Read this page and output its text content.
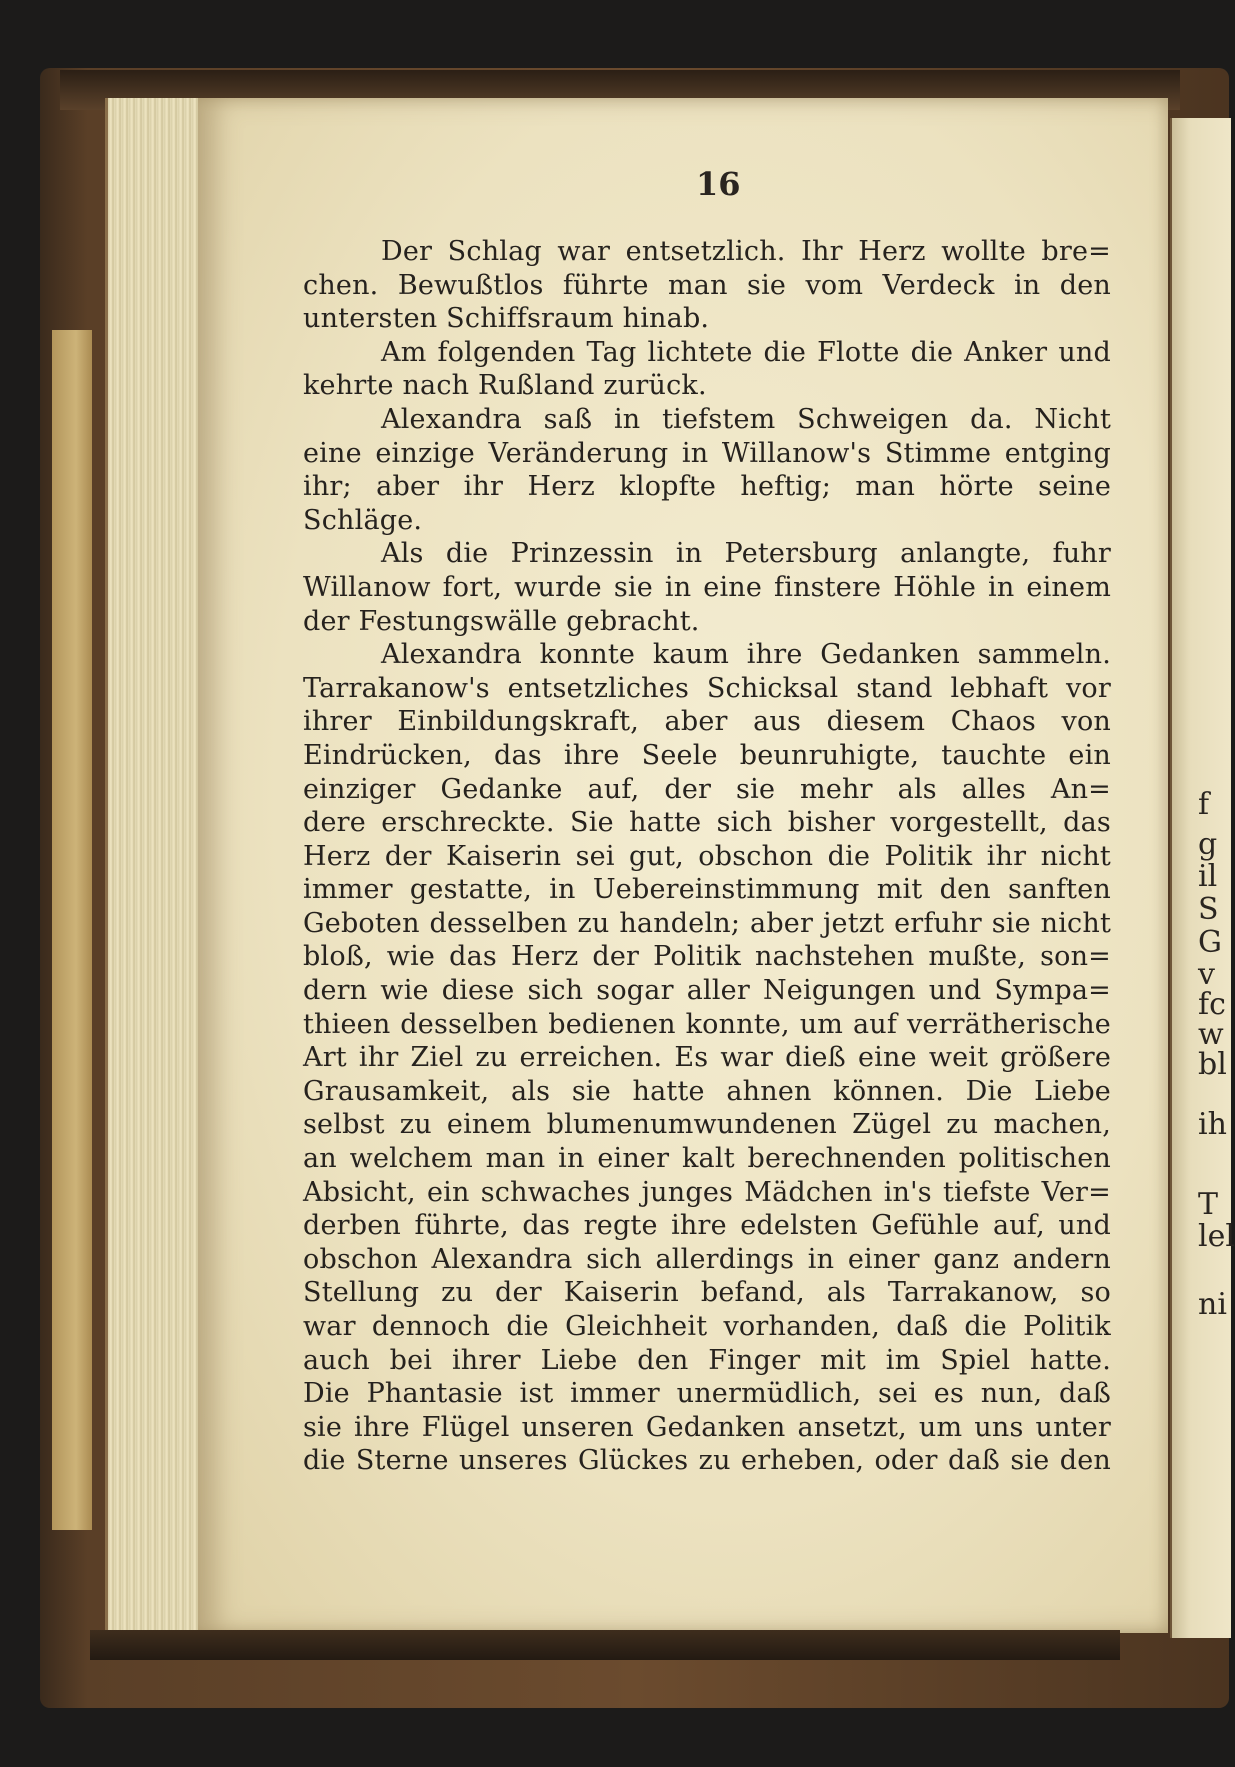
f
g
il
S
G
v
fc
w
bl
ih
T
lel
ni
16
Der Schlag war entsetzlich. Ihr Herz wollte bre=
chen. Bewußtlos führte man sie vom Verdeck in den
untersten Schiffsraum hinab.
Am folgenden Tag lichtete die Flotte die Anker und
kehrte nach Rußland zurück.
Alexandra saß in tiefstem Schweigen da. Nicht
eine einzige Veränderung in Willanow's Stimme entging
ihr; aber ihr Herz klopfte heftig; man hörte seine
Schläge.
Als die Prinzessin in Petersburg anlangte, fuhr
Willanow fort, wurde sie in eine finstere Höhle in einem
der Festungswälle gebracht.
Alexandra konnte kaum ihre Gedanken sammeln.
Tarrakanow's entsetzliches Schicksal stand lebhaft vor
ihrer Einbildungskraft, aber aus diesem Chaos von
Eindrücken, das ihre Seele beunruhigte, tauchte ein
einziger Gedanke auf, der sie mehr als alles An=
dere erschreckte. Sie hatte sich bisher vorgestellt, das
Herz der Kaiserin sei gut, obschon die Politik ihr nicht
immer gestatte, in Uebereinstimmung mit den sanften
Geboten desselben zu handeln; aber jetzt erfuhr sie nicht
bloß, wie das Herz der Politik nachstehen mußte, son=
dern wie diese sich sogar aller Neigungen und Sympa=
thieen desselben bedienen konnte, um auf verrätherische
Art ihr Ziel zu erreichen. Es war dieß eine weit größere
Grausamkeit, als sie hatte ahnen können. Die Liebe
selbst zu einem blumenumwundenen Zügel zu machen,
an welchem man in einer kalt berechnenden politischen
Absicht, ein schwaches junges Mädchen in's tiefste Ver=
derben führte, das regte ihre edelsten Gefühle auf, und
obschon Alexandra sich allerdings in einer ganz andern
Stellung zu der Kaiserin befand, als Tarrakanow, so
war dennoch die Gleichheit vorhanden, daß die Politik
auch bei ihrer Liebe den Finger mit im Spiel hatte.
Die Phantasie ist immer unermüdlich, sei es nun, daß
sie ihre Flügel unseren Gedanken ansetzt, um uns unter
die Sterne unseres Glückes zu erheben, oder daß sie den
